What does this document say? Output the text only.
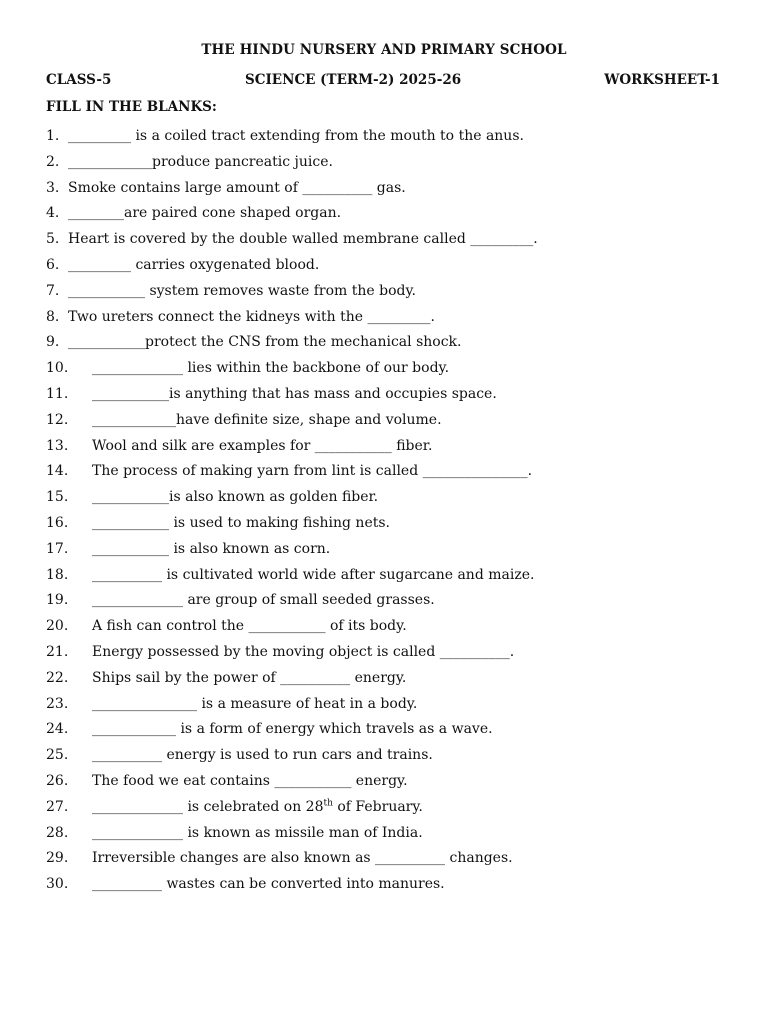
THE HINDU NURSERY AND PRIMARY SCHOOL
CLASS-5	SCIENCE (TERM-2) 2025-26	WORKSHEET-1
FILL IN THE BLANKS:
1. _________ is a coiled tract extending from the mouth to the anus.
2. ____________produce pancreatic juice.
3. Smoke contains large amount of __________ gas.
4. ________are paired cone shaped organ.
5. Heart is covered by the double walled membrane called _________.
6. _________ carries oxygenated blood.
7. ___________ system removes waste from the body.
8. Two ureters connect the kidneys with the _________.
9. ___________protect the CNS from the mechanical shock.
10. _____________ lies within the backbone of our body.
11. ___________is anything that has mass and occupies space.
12. ____________have definite size, shape and volume.
13. Wool and silk are examples for ___________ fiber.
14. The process of making yarn from lint is called _______________.
15. ___________is also known as golden fiber.
16. ___________ is used to making fishing nets.
17. ___________ is also known as corn.
18. __________ is cultivated world wide after sugarcane and maize.
19. _____________ are group of small seeded grasses.
20. A fish can control the ___________ of its body.
21. Energy possessed by the moving object is called __________.
22. Ships sail by the power of __________ energy.
23. _______________ is a measure of heat in a body.
24. ____________ is a form of energy which travels as a wave.
25. __________ energy is used to run cars and trains.
26. The food we eat contains ___________ energy.
27. _____________ is celebrated on 28th of February.
28. _____________ is known as missile man of India.
29. Irreversible changes are also known as __________ changes.
30. __________ wastes can be converted into manures.
